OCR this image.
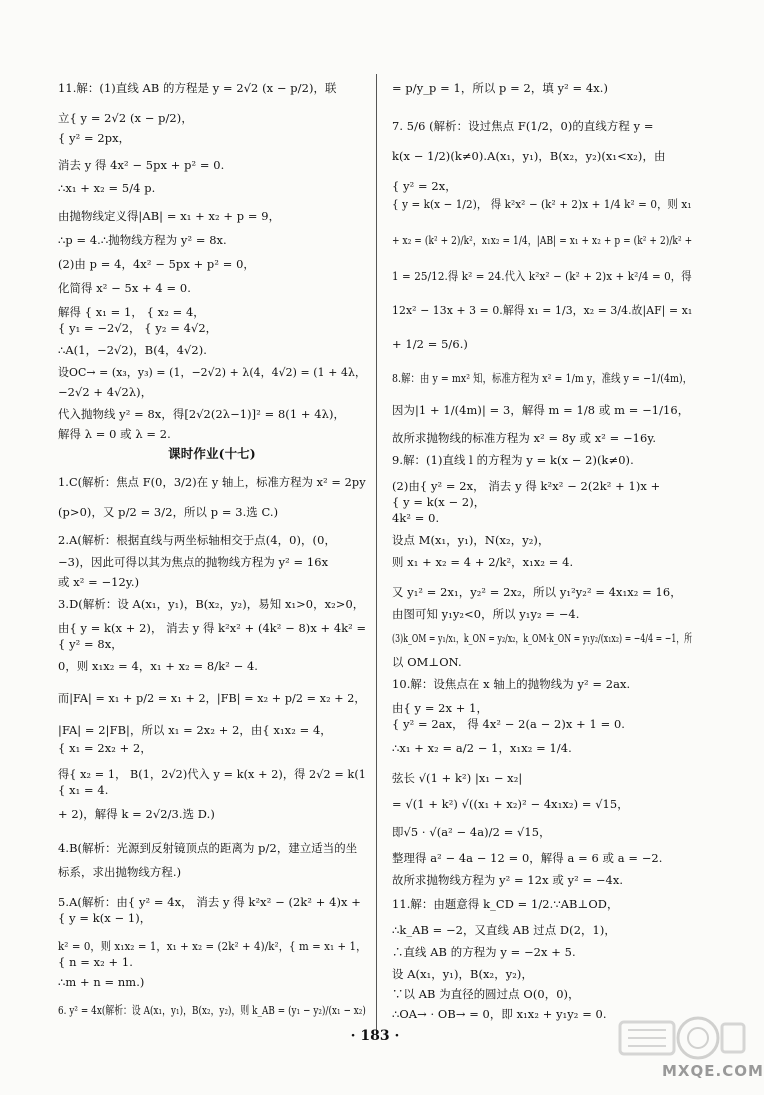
11.解：(1)直线 AB 的方程是 y = 2√2 (x − p/2)，联
立{ y = 2√2 (x − p/2)，
{ y² = 2px，
消去 y 得 4x² − 5px + p² = 0.
∴x₁ + x₂ = 5/4 p.
由抛物线定义得|AB| = x₁ + x₂ + p = 9，
∴p = 4.∴抛物线方程为 y² = 8x.
(2)由 p = 4，4x² − 5px + p² = 0，
化简得 x² − 5x + 4 = 0.
解得 { x₁ = 1， { x₂ = 4，
{ y₁ = −2√2， { y₂ = 4√2，
∴A(1，−2√2)，B(4，4√2).
设OC→ = (x₃，y₃) = (1，−2√2) + λ(4，4√2) = (1 + 4λ，
−2√2 + 4√2λ)，
代入抛物线 y² = 8x，得[2√2(2λ−1)]² = 8(1 + 4λ)，
解得 λ = 0 或 λ = 2.
课时作业(十七)
1.C(解析：焦点 F(0，3/2)在 y 轴上，标准方程为 x² = 2py
(p>0)，又 p/2 = 3/2，所以 p = 3.选 C.)
2.A(解析：根据直线与两坐标轴相交于点(4，0)，(0，
−3)，因此可得以其为焦点的抛物线方程为 y² = 16x
或 x² = −12y.)
3.D(解析：设 A(x₁，y₁)，B(x₂，y₂)，易知 x₁>0，x₂>0，
由{ y = k(x + 2)， 消去 y 得 k²x² + (4k² − 8)x + 4k² =
{ y² = 8x，
0，则 x₁x₂ = 4，x₁ + x₂ = 8/k² − 4.
而|FA| = x₁ + p/2 = x₁ + 2，|FB| = x₂ + p/2 = x₂ + 2，
|FA| = 2|FB|，所以 x₁ = 2x₂ + 2，由{ x₁x₂ = 4，
{ x₁ = 2x₂ + 2，
得{ x₂ = 1， B(1，2√2)代入 y = k(x + 2)，得 2√2 = k(1
{ x₁ = 4.
+ 2)，解得 k = 2√2/3.选 D.)
4.B(解析：光源到反射镜顶点的距离为 p/2，建立适当的坐
标系，求出抛物线方程.)
5.A(解析：由{ y² = 4x， 消去 y 得 k²x² − (2k² + 4)x +
{ y = k(x − 1)，
k² = 0，则 x₁x₂ = 1，x₁ + x₂ = (2k² + 4)/k²，{ m = x₁ + 1，
{ n = x₂ + 1.
∴m + n = nm.)
6. y² = 4x(解析：设 A(x₁，y₁)，B(x₂，y₂)，则 k_AB = (y₁ − y₂)/(x₁ − x₂)
= p/y_p = 1，所以 p = 2，填 y² = 4x.)
7. 5/6 (解析：设过焦点 F(1/2，0)的直线方程 y =
k(x − 1/2)(k≠0).A(x₁，y₁)，B(x₂，y₂)(x₁<x₂)，由
{ y² = 2x，
{ y = k(x − 1/2)， 得 k²x² − (k² + 2)x + 1/4 k² = 0，则 x₁
+ x₂ = (k² + 2)/k²，x₁x₂ = 1/4，|AB| = x₁ + x₂ + p = (k² + 2)/k² +
1 = 25/12.得 k² = 24.代入 k²x² − (k² + 2)x + k²/4 = 0，得
12x² − 13x + 3 = 0.解得 x₁ = 1/3，x₂ = 3/4.故|AF| = x₁
+ 1/2 = 5/6.)
8.解：由 y = mx² 知，标准方程为 x² = 1/m y，准线 y = −1/(4m)，
因为|1 + 1/(4m)| = 3，解得 m = 1/8 或 m = −1/16，
故所求抛物线的标准方程为 x² = 8y 或 x² = −16y.
9.解：(1)直线 l 的方程为 y = k(x − 2)(k≠0).
(2)由{ y² = 2x， 消去 y 得 k²x² − 2(2k² + 1)x +
{ y = k(x − 2)，
4k² = 0.
设点 M(x₁，y₁)，N(x₂，y₂)，
则 x₁ + x₂ = 4 + 2/k²，x₁x₂ = 4.
又 y₁² = 2x₁，y₂² = 2x₂，所以 y₁²y₂² = 4x₁x₂ = 16，
由图可知 y₁y₂<0，所以 y₁y₂ = −4.
(3)k_OM = y₁/x₁，k_ON = y₂/x₂，k_OM·k_ON = y₁y₂/(x₁x₂) = −4/4 = −1，所
以 OM⊥ON.
10.解：设焦点在 x 轴上的抛物线为 y² = 2ax.
由{ y = 2x + 1，
{ y² = 2ax， 得 4x² − 2(a − 2)x + 1 = 0.
∴x₁ + x₂ = a/2 − 1，x₁x₂ = 1/4.
弦长 √(1 + k²) |x₁ − x₂|
= √(1 + k²) √((x₁ + x₂)² − 4x₁x₂) = √15，
即√5 · √(a² − 4a)/2 = √15，
整理得 a² − 4a − 12 = 0，解得 a = 6 或 a = −2.
故所求抛物线方程为 y² = 12x 或 y² = −4x.
11.解：由题意得 k_CD = 1/2.∵AB⊥OD，
∴k_AB = −2，又直线 AB 过点 D(2，1)，
∴直线 AB 的方程为 y = −2x + 5.
设 A(x₁，y₁)，B(x₂，y₂)，
∵以 AB 为直径的圆过点 O(0，0)，
∴OA→ · OB→ = 0，即 x₁x₂ + y₁y₂ = 0.
· 183 ·
MXQE.COM
